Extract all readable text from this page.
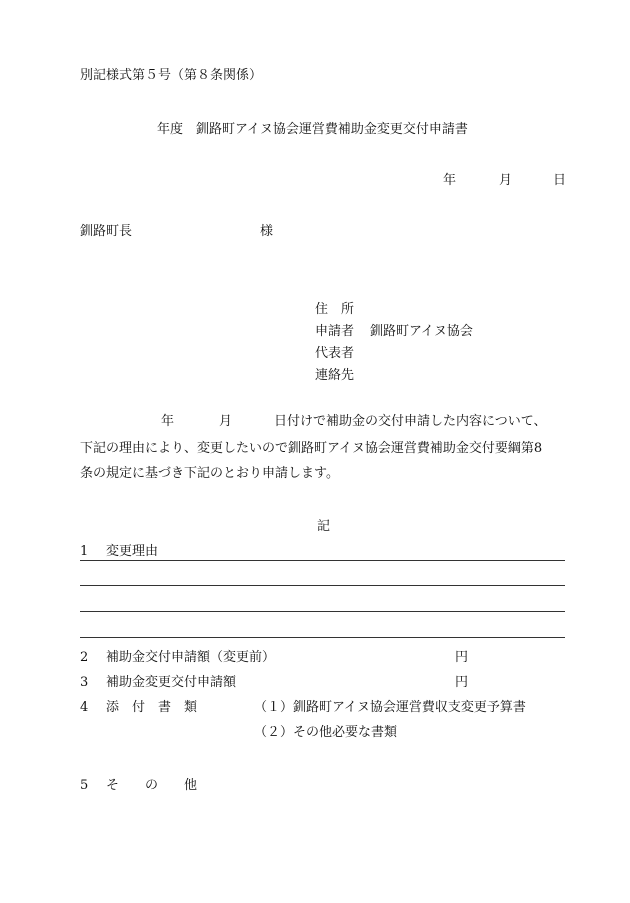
別記様式第５号（第８条関係）
年度　釧路町アイヌ協会運営費補助金変更交付申請書
年	月	日
釧路町長	様
住　所
申請者 釧路町アイヌ協会
代表者
連絡先
年	月	日付けで補助金の交付申請した内容について、
下記の理由により、変更したいので釧路町アイヌ協会運営費補助金交付要綱第8
条の規定に基づき下記のとおり申請します。
記
1 変更理由
2 補助金交付申請額（変更前）	円
3 補助金変更交付申請額	円
4 添　付　書　類	（１）釧路町アイヌ協会運営費収支変更予算書
（２）その他必要な書類
5 そ　　の　　他
